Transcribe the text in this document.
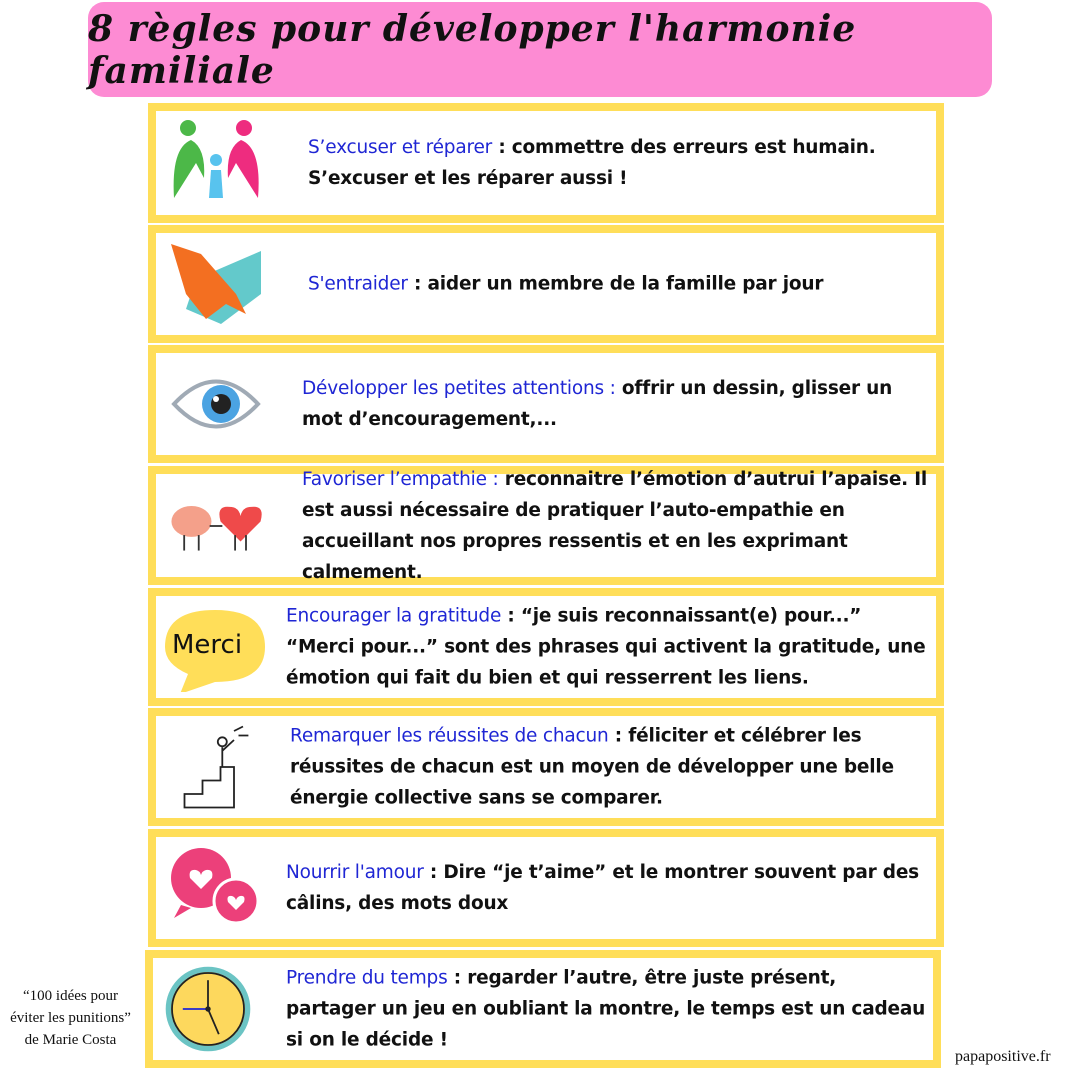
8 règles pour développer l'harmonie familiale
S’excuser et réparer : commettre des erreurs est humain. S’excuser et les réparer aussi !
S'entraider : aider un membre de la famille par jour
Développer les petites attentions : offrir un dessin, glisser un mot d’encouragement,...
Favoriser l’empathie : reconnaitre l’émotion d’autrui l’apaise. Il est aussi nécessaire de pratiquer l’auto-empathie en accueillant nos propres ressentis et en les exprimant calmement.
Merci
Encourager la gratitude : “je suis reconnaissant(e) pour...” “Merci pour...” sont des phrases qui activent la gratitude, une émotion qui fait du bien et qui resserrent les liens.
Remarquer les réussites de chacun : féliciter et célébrer les réussites de chacun est un moyen de développer une belle énergie collective sans se comparer.
Nourrir l'amour : Dire “je t’aime” et le montrer souvent par des câlins, des mots doux
Prendre du temps : regarder l’autre, être juste présent, partager un jeu en oubliant la montre, le temps est un cadeau si on le décide !
“100 idées pour éviter les punitions” de Marie Costa
papapositive.fr
